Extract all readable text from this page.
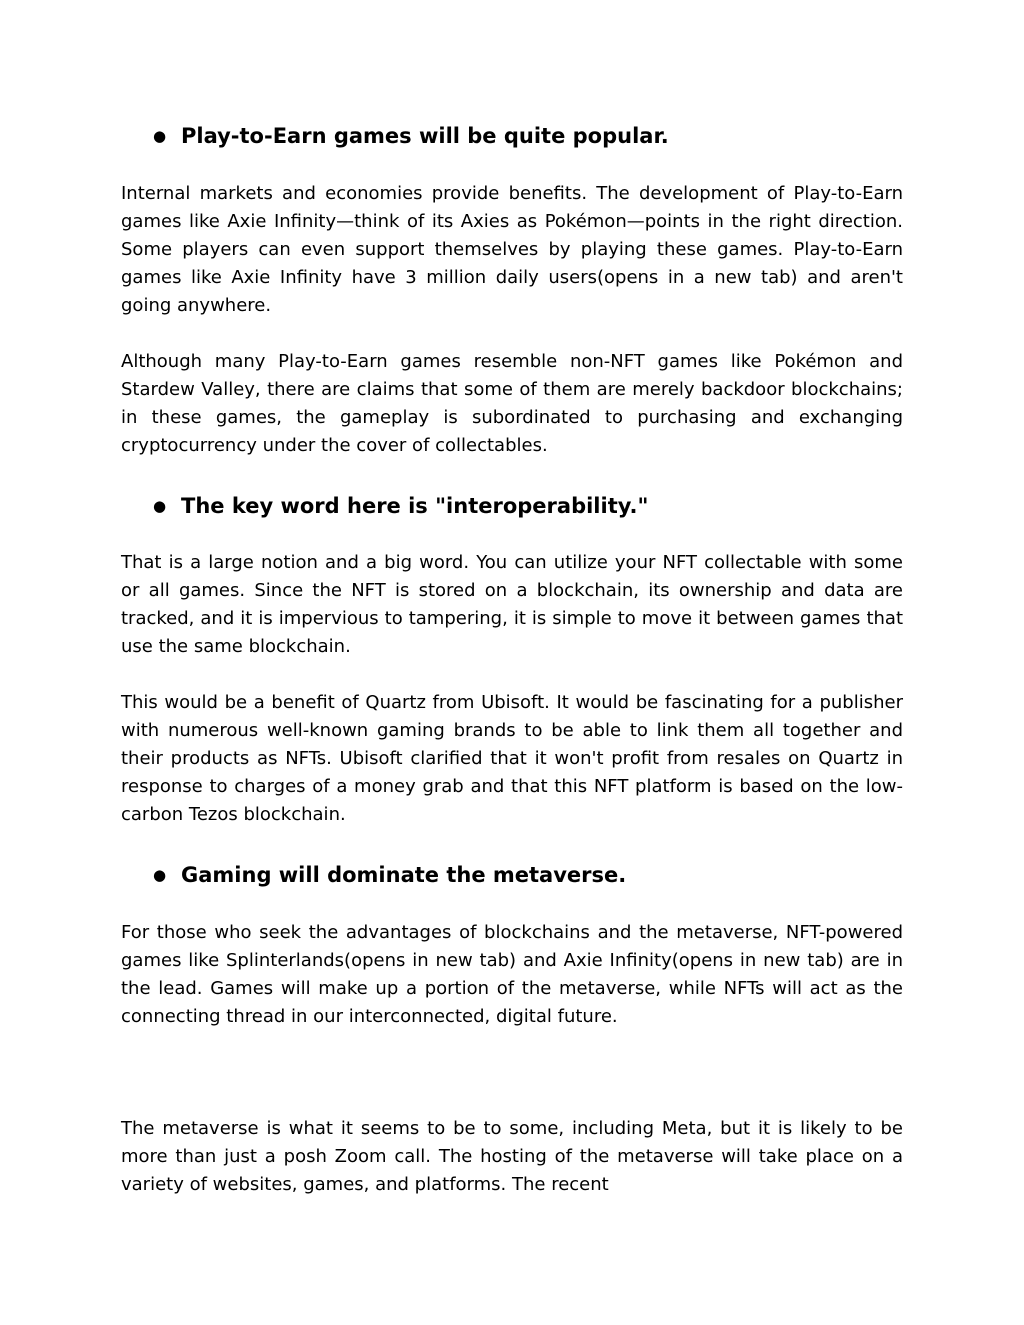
● Play-to-Earn games will be quite popular.

Internal markets and economies provide benefits. The development of Play-to-Earn games like Axie Infinity—think of its Axies as Pokémon—points in the right direction. Some players can even support themselves by playing these games. Play-to-Earn games like Axie Infinity have 3 million daily users(opens in a new tab) and aren't going anywhere.

Although many Play-to-Earn games resemble non-NFT games like Pokémon and Stardew Valley, there are claims that some of them are merely backdoor blockchains; in these games, the gameplay is subordinated to purchasing and exchanging cryptocurrency under the cover of collectables.

● The key word here is "interoperability."

That is a large notion and a big word. You can utilize your NFT collectable with some or all games. Since the NFT is stored on a blockchain, its ownership and data are tracked, and it is impervious to tampering, it is simple to move it between games that use the same blockchain.

This would be a benefit of Quartz from Ubisoft. It would be fascinating for a publisher with numerous well-known gaming brands to be able to link them all together and their products as NFTs. Ubisoft clarified that it won't profit from resales on Quartz in response to charges of a money grab and that this NFT platform is based on the low-carbon Tezos blockchain.

● Gaming will dominate the metaverse.

For those who seek the advantages of blockchains and the metaverse, NFT-powered games like Splinterlands(opens in new tab) and Axie Infinity(opens in new tab) are in the lead. Games will make up a portion of the metaverse, while NFTs will act as the connecting thread in our interconnected, digital future.

The metaverse is what it seems to be to some, including Meta, but it is likely to be more than just a posh Zoom call. The hosting of the metaverse will take place on a variety of websites, games, and platforms. The recent
